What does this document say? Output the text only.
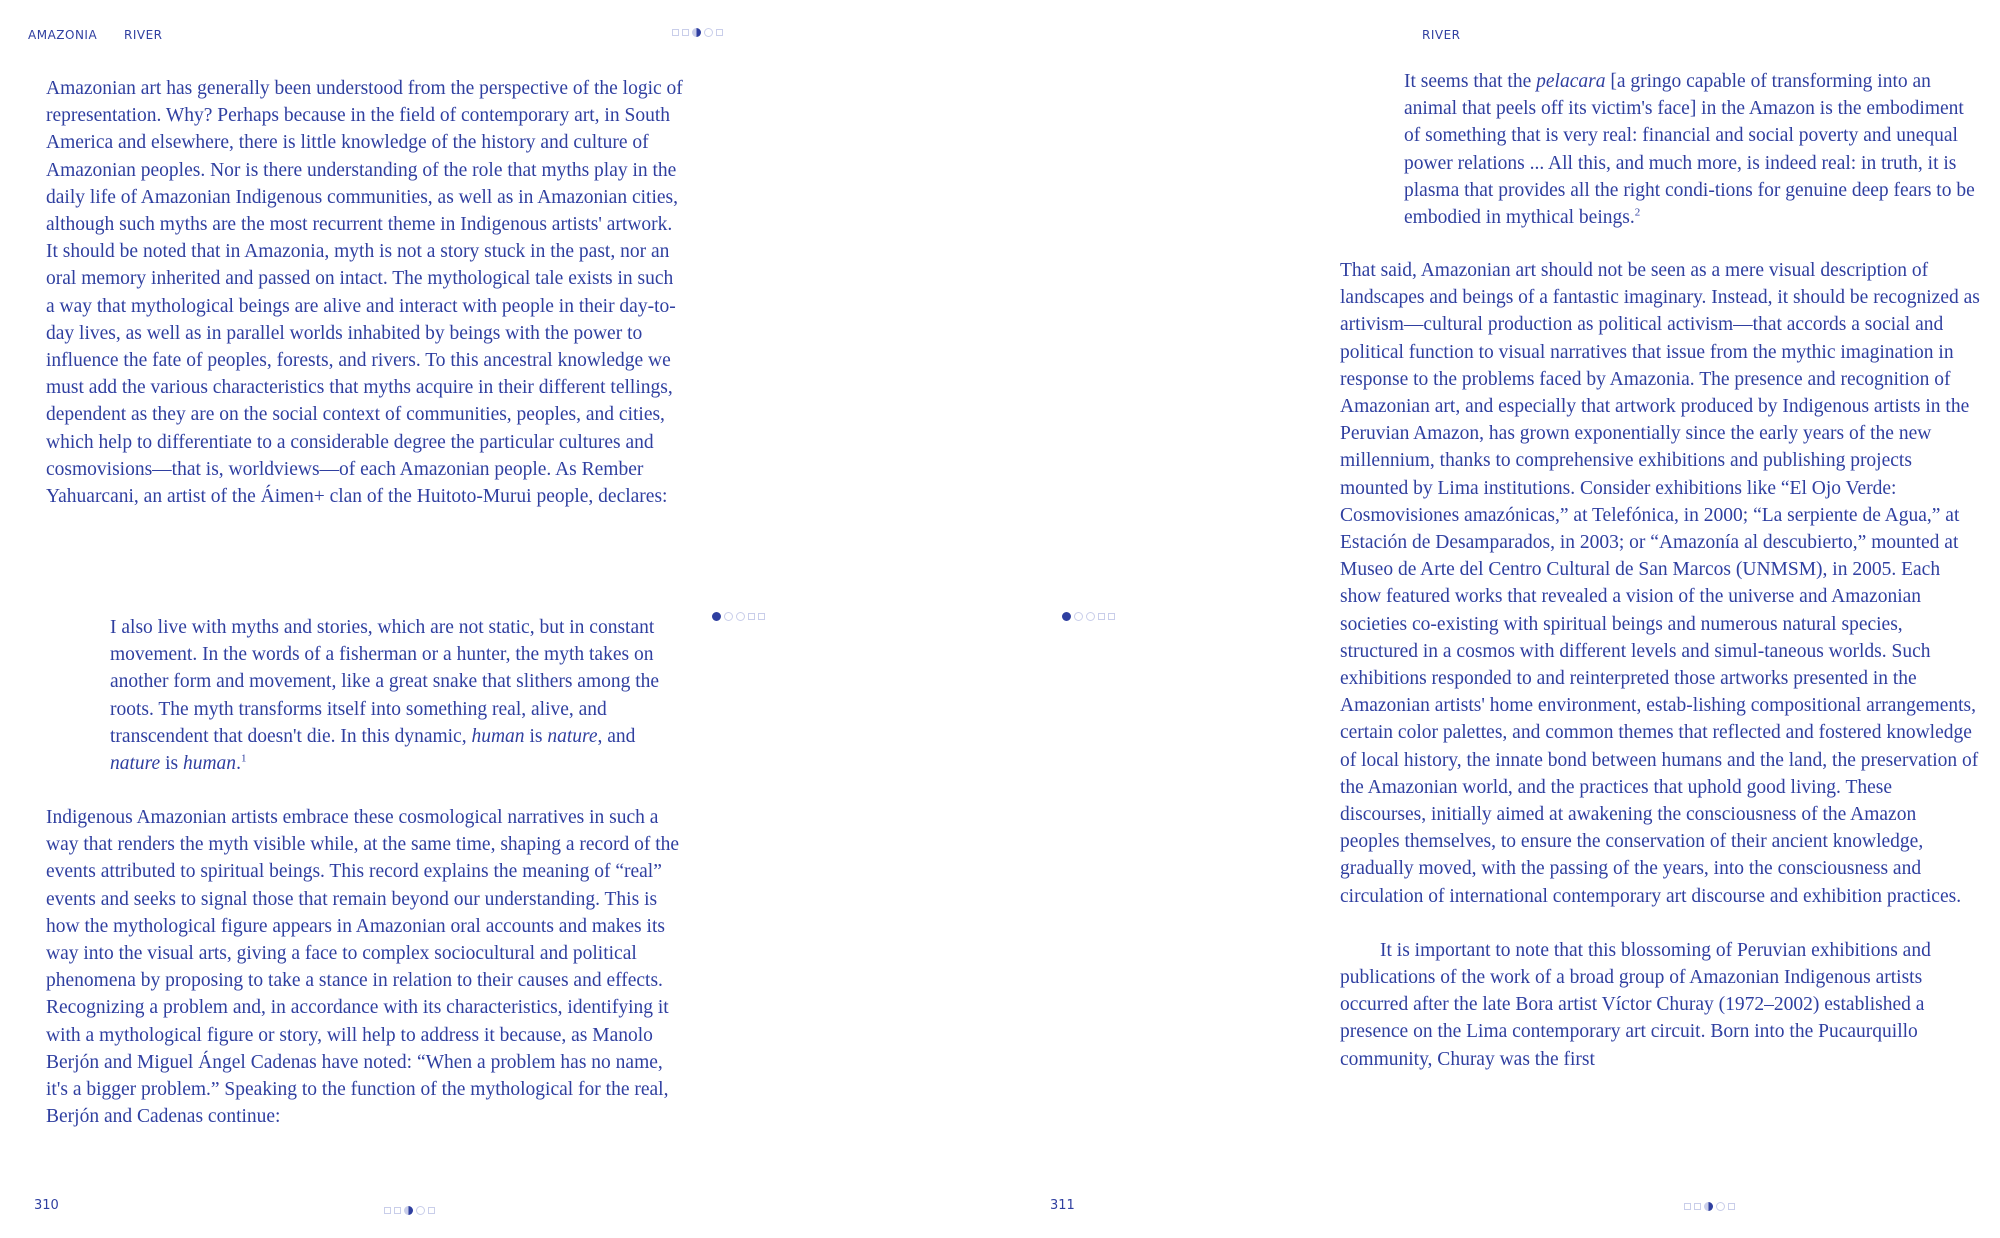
AMAZONIA RIVER	RIVER

Amazonian art has generally been understood from the perspective of the logic of representation. Why? Perhaps because in the field of contemporary art, in South America and elsewhere, there is little knowledge of the history and culture of Amazonian peoples. Nor is there understanding of the role that myths play in the daily life of Amazonian Indigenous communities, as well as in Amazonian cities, although such myths are the most recurrent theme in Indigenous artists' artwork. It should be noted that in Amazonia, myth is not a story stuck in the past, nor an oral memory inherited and passed on intact. The mythological tale exists in such a way that mythological beings are alive and interact with people in their day-to-day lives, as well as in parallel worlds inhabited by beings with the power to influence the fate of peoples, forests, and rivers. To this ancestral knowledge we must add the various characteristics that myths acquire in their different tellings, dependent as they are on the social context of communities, peoples, and cities, which help to differentiate to a considerable degree the particular cultures and cosmovisions—that is, worldviews—of each Amazonian people. As Rember Yahuarcani, an artist of the Áimen+ clan of the Huitoto-Murui people, declares:

I also live with myths and stories, which are not static, but in constant movement. In the words of a fisherman or a hunter, the myth takes on another form and movement, like a great snake that slithers among the roots. The myth transforms itself into something real, alive, and transcendent that doesn't die. In this dynamic, human is nature, and nature is human.$^1$

Indigenous Amazonian artists embrace these cosmological narratives in such a way that renders the myth visible while, at the same time, shaping a record of the events attributed to spiritual beings. This record explains the meaning of “real” events and seeks to signal those that remain beyond our understanding. This is how the mythological figure appears in Amazonian oral accounts and makes its way into the visual arts, giving a face to complex sociocultural and political phenomena by proposing to take a stance in relation to their causes and effects. Recognizing a problem and, in accordance with its characteristics, identifying it with a mythological figure or story, will help to address it because, as Manolo Berjón and Miguel Ángel Cadenas have noted: “When a problem has no name, it's a bigger problem.” Speaking to the function of the mythological for the real, Berjón and Cadenas continue:

It seems that the pelacara [a gringo capable of transforming into an animal that peels off its victim's face] in the Amazon is the embodiment of something that is very real: financial and social poverty and unequal power relations ... All this, and much more, is indeed real: in truth, it is plasma that provides all the right condi-tions for genuine deep fears to be embodied in mythical beings.$^2$

That said, Amazonian art should not be seen as a mere visual description of landscapes and beings of a fantastic imaginary. Instead, it should be recognized as artivism—cultural production as political activism—that accords a social and political function to visual narratives that issue from the mythic imagination in response to the problems faced by Amazonia. The presence and recognition of Amazonian art, and especially that artwork produced by Indigenous artists in the Peruvian Amazon, has grown exponentially since the early years of the new millennium, thanks to comprehensive exhibitions and publishing projects mounted by Lima institutions. Consider exhibitions like “El Ojo Verde: Cosmovisiones amazónicas,” at Telefónica, in 2000; “La serpiente de Agua,” at Estación de Desamparados, in 2003; or “Amazonía al descubierto,” mounted at Museo de Arte del Centro Cultural de San Marcos (UNMSM), in 2005. Each show featured works that revealed a vision of the universe and Amazonian societies co-existing with spiritual beings and numerous natural species, structured in a cosmos with different levels and simul-taneous worlds. Such exhibitions responded to and reinterpreted those artworks presented in the Amazonian artists' home environment, estab-lishing compositional arrangements, certain color palettes, and common themes that reflected and fostered knowledge of local history, the innate bond between humans and the land, the preservation of the Amazonian world, and the practices that uphold good living. These discourses, initially aimed at awakening the consciousness of the Amazon peoples themselves, to ensure the conservation of their ancient knowledge, gradually moved, with the passing of the years, into the consciousness and circulation of international contemporary art discourse and exhibition practices.

It is important to note that this blossoming of Peruvian exhibitions and publications of the work of a broad group of Amazonian Indigenous artists occurred after the late Bora artist Víctor Churay (1972–2002) established a presence on the Lima contemporary art circuit. Born into the Pucaurquillo community, Churay was the first

310	311
